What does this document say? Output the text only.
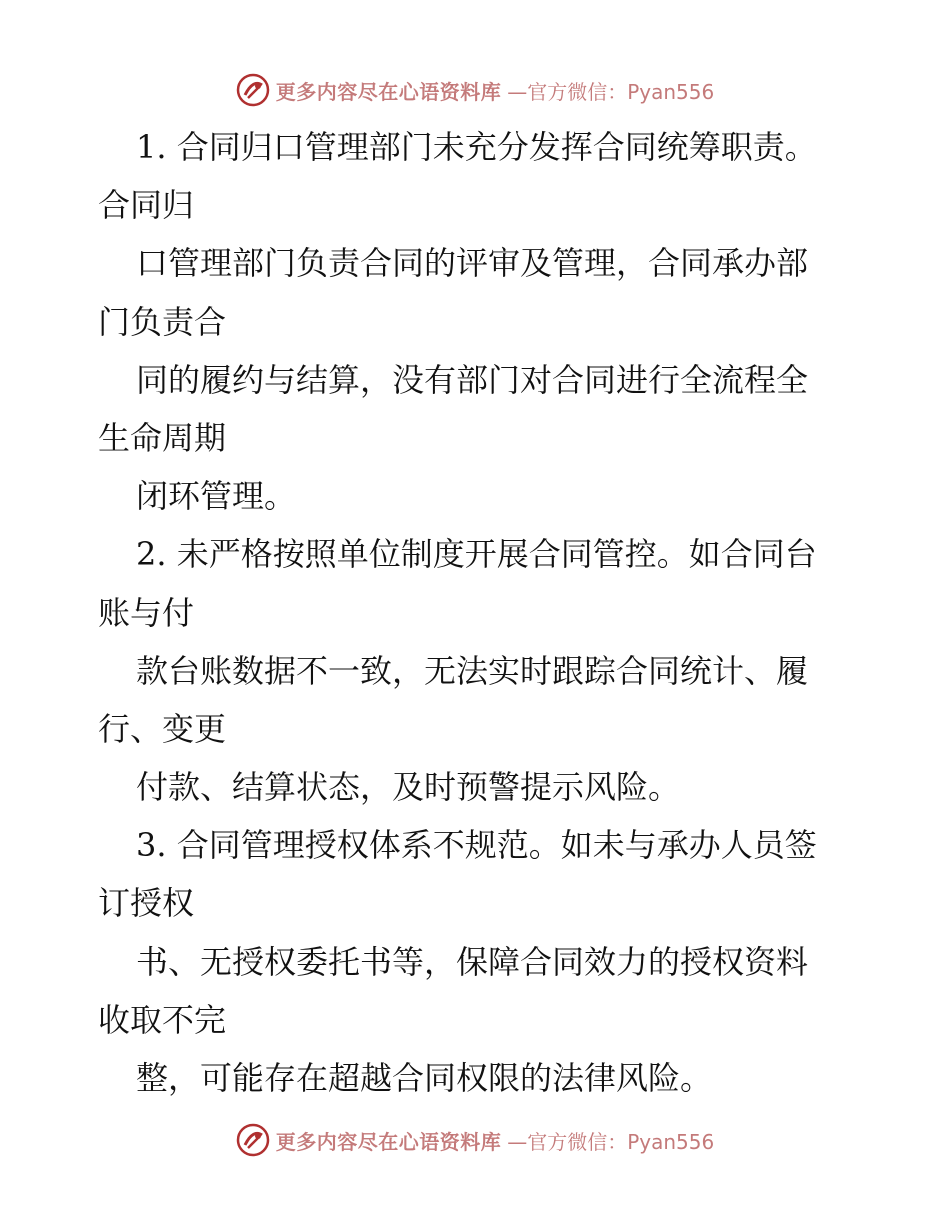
更多内容尽在心语资料库 —官方微信：Pyan556
1. 合同归口管理部门未充分发挥合同统筹职责。
合同归
口管理部门负责合同的评审及管理，合同承办部
门负责合
同的履约与结算，没有部门对合同进行全流程全
生命周期
闭环管理。
2. 未严格按照单位制度开展合同管控。如合同台
账与付
款台账数据不一致，无法实时跟踪合同统计、履
行、变更
付款、结算状态，及时预警提示风险。
3. 合同管理授权体系不规范。如未与承办人员签
订授权
书、无授权委托书等，保障合同效力的授权资料
收取不完
整，可能存在超越合同权限的法律风险。
更多内容尽在心语资料库 —官方微信：Pyan556
